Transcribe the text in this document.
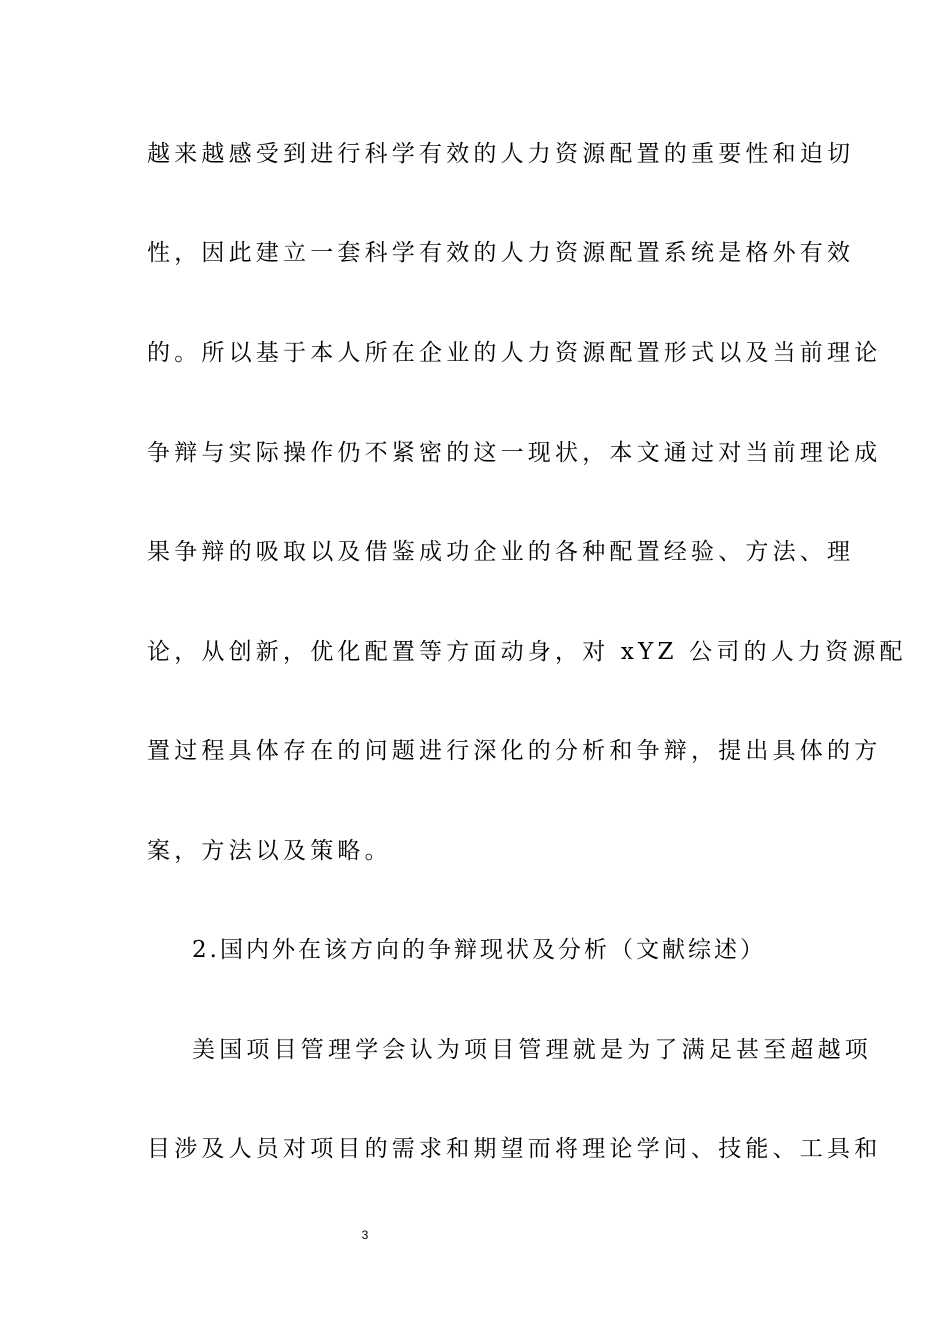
越来越感受到进行科学有效的人力资源配置的重要性和迫切
性，因此建立一套科学有效的人力资源配置系统是格外有效
的。所以基于本人所在企业的人力资源配置形式以及当前理论
争辩与实际操作仍不紧密的这一现状，本文通过对当前理论成
果争辩的吸取以及借鉴成功企业的各种配置经验、方法、理
论，从创新，优化配置等方面动身，对 xYZ 公司的人力资源配
置过程具体存在的问题进行深化的分析和争辩，提出具体的方
案，方法以及策略。
2.国内外在该方向的争辩现状及分析（文献综述）
美国项目管理学会认为项目管理就是为了满足甚至超越项
目涉及人员对项目的需求和期望而将理论学问、技能、工具和
3
